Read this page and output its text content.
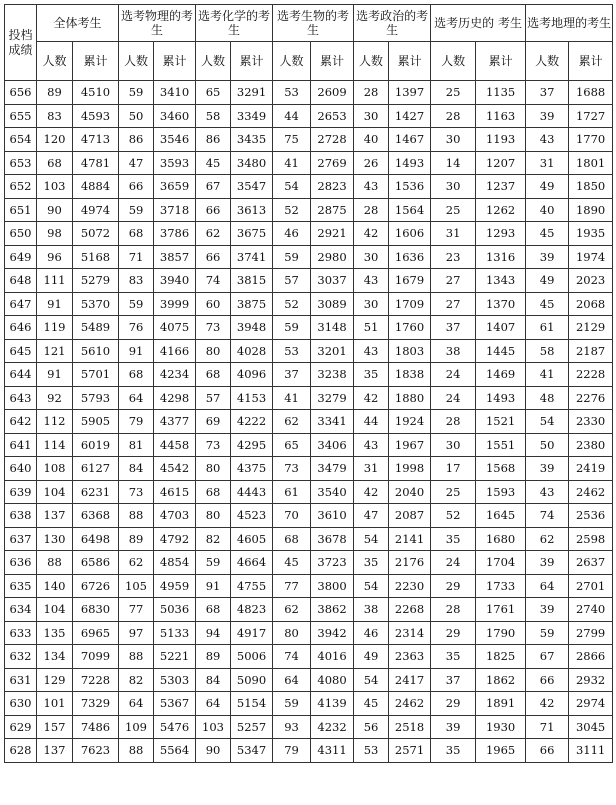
投档成绩	全体考生		选考物理的考生		选考化学的考生		选考生物的考生		选考政治的考生		选考历史的 考生		选考地理的考生	
	人数	累计	人数	累计	人数	累计	人数	累计	人数	累计	人数	累计	人数	累计
656	89	4510	59	3410	65	3291	53	2609	28	1397	25	1135	37	1688
655	83	4593	50	3460	58	3349	44	2653	30	1427	28	1163	39	1727
654	120	4713	86	3546	86	3435	75	2728	40	1467	30	1193	43	1770
653	68	4781	47	3593	45	3480	41	2769	26	1493	14	1207	31	1801
652	103	4884	66	3659	67	3547	54	2823	43	1536	30	1237	49	1850
651	90	4974	59	3718	66	3613	52	2875	28	1564	25	1262	40	1890
650	98	5072	68	3786	62	3675	46	2921	42	1606	31	1293	45	1935
649	96	5168	71	3857	66	3741	59	2980	30	1636	23	1316	39	1974
648	111	5279	83	3940	74	3815	57	3037	43	1679	27	1343	49	2023
647	91	5370	59	3999	60	3875	52	3089	30	1709	27	1370	45	2068
646	119	5489	76	4075	73	3948	59	3148	51	1760	37	1407	61	2129
645	121	5610	91	4166	80	4028	53	3201	43	1803	38	1445	58	2187
644	91	5701	68	4234	68	4096	37	3238	35	1838	24	1469	41	2228
643	92	5793	64	4298	57	4153	41	3279	42	1880	24	1493	48	2276
642	112	5905	79	4377	69	4222	62	3341	44	1924	28	1521	54	2330
641	114	6019	81	4458	73	4295	65	3406	43	1967	30	1551	50	2380
640	108	6127	84	4542	80	4375	73	3479	31	1998	17	1568	39	2419
639	104	6231	73	4615	68	4443	61	3540	42	2040	25	1593	43	2462
638	137	6368	88	4703	80	4523	70	3610	47	2087	52	1645	74	2536
637	130	6498	89	4792	82	4605	68	3678	54	2141	35	1680	62	2598
636	88	6586	62	4854	59	4664	45	3723	35	2176	24	1704	39	2637
635	140	6726	105	4959	91	4755	77	3800	54	2230	29	1733	64	2701
634	104	6830	77	5036	68	4823	62	3862	38	2268	28	1761	39	2740
633	135	6965	97	5133	94	4917	80	3942	46	2314	29	1790	59	2799
632	134	7099	88	5221	89	5006	74	4016	49	2363	35	1825	67	2866
631	129	7228	82	5303	84	5090	64	4080	54	2417	37	1862	66	2932
630	101	7329	64	5367	64	5154	59	4139	45	2462	29	1891	42	2974
629	157	7486	109	5476	103	5257	93	4232	56	2518	39	1930	71	3045
628	137	7623	88	5564	90	5347	79	4311	53	2571	35	1965	66	3111
